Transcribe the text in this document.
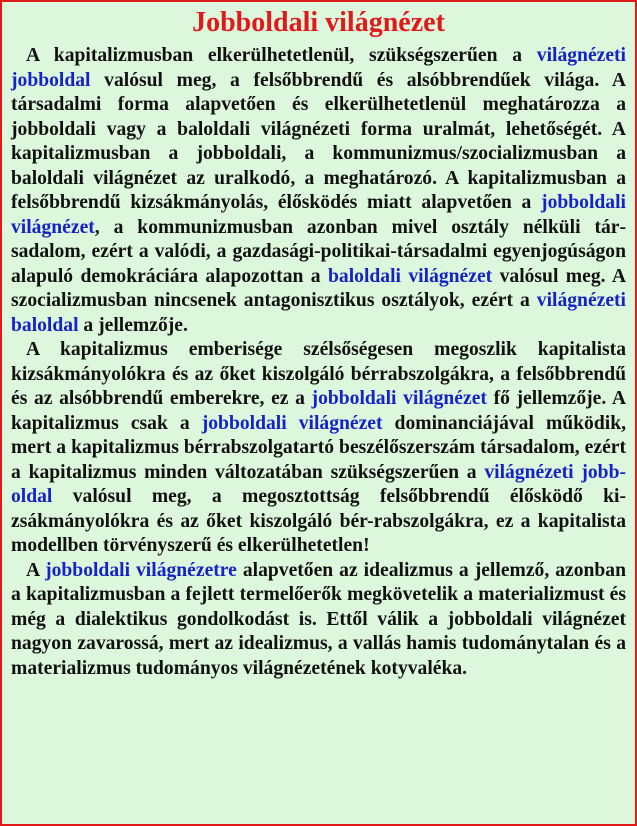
Jobboldali világnézet

A kapitalizmusban elkerülhetetlenül, szükségszerűen a világnézeti jobboldal valósul meg, a felsőbbrendű és alsóbbrendűek világa. A társadalmi forma alapvetően és elkerülhetetlenül meghatározza a jobboldali vagy a baloldali világnézeti forma uralmát, lehetőségét. A kapitalizmusban a jobboldali, a kommunizmus/szocializmusban a baloldali világnézet az uralkodó, a meghatározó. A kapitalizmusban a felsőbbrendű kizsákmányolás, élősködés miatt alapvetően a jobboldali világnézet, a kommunizmusban azonban mivel osztály nélküli társadalom, ezért a valódi, a gazdasági-politikai-társadalmi egyenjogúságon alapuló demokráciára alapozottan a baloldali világnézet valósul meg. A szocializmusban nincsenek antagonisztikus osztályok, ezért a világnézeti baloldal a jellemzője.

A kapitalizmus emberisége szélsőségesen megoszlik kapitalista kizsákmányolókra és az őket kiszolgáló bérrabszolgákra, a felsőbbrendű és az alsóbbrendű emberekre, ez a jobboldali világnézet fő jellemzője. A kapitalizmus csak a jobboldali világnézet dominanciájával működik, mert a kapitalizmus bérrabszolgatartó beszélőszerszám társadalom, ezért a kapitalizmus minden változatában szükségszerűen a világnézeti jobboldal valósul meg, a megosztottság felsőbbrendű élősködő kizsákmányolókra és az őket kiszolgáló bér-rabszolgákra, ez a kapitalista modellben törvényszerű és elkerülhetetlen!

A jobboldali világnézetre alapvetően az idealizmus a jellemző, azonban a kapitalizmusban a fejlett termelőerők megkövetelik a materializmust és még a dialektikus gondolkodást is. Ettől válik a jobboldali világnézet nagyon zavarossá, mert az idealizmus, a vallás hamis tudománytalan és a materializmus tudományos világnézetének kotyvaléka.
